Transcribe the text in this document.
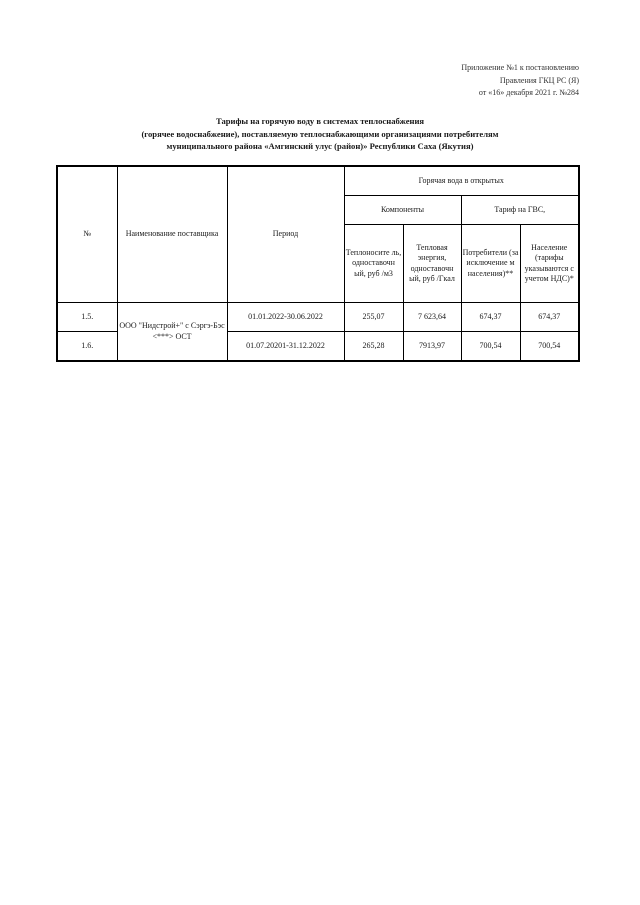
Приложение №1 к постановлению
Правления ГКЦ РС (Я)
от «16» декабря 2021 г. №284
Тарифы на горячую воду в системах теплоснабжения
(горячее водоснабжение), поставляемую теплоснабжающими организациями потребителям
муниципального района «Амгинский улус (район)» Республики Саха (Якутия)
№	Наименование поставщика	Период	Горячая вода в открытых			
			Компоненты		Тариф на ГВС,	
			Теплоносите ль, одноставочн ый, руб /м3	Тепловая энергия, одноставочн ый, руб /Гкал	Потребители (за исключение м населения)**	Население (тарифы указываются с учетом НДС)*
1.5.	ООО "Нидстрой+" с Сэргэ-Бэс <***> ОСТ	01.01.2022-30.06.2022	255,07	7 623,64	674,37	674,37
1.6.		01.07.20201-31.12.2022	265,28	7913,97	700,54	700,54
